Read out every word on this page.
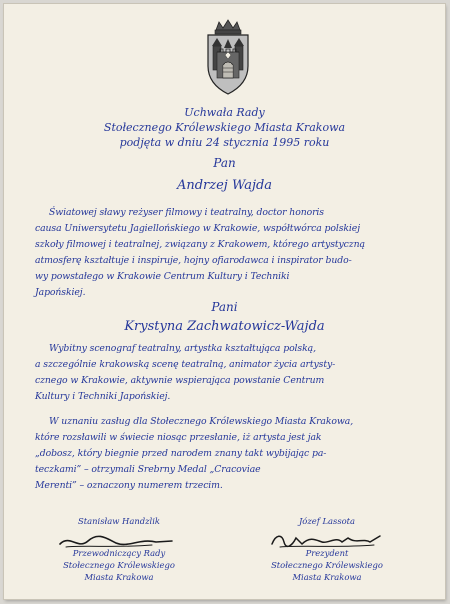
Uchwała Rady
Stołecznego Królewskiego Miasta Krakowa
podjęta w dniu 24 stycznia 1995 roku
Pan
Andrzej Wajda
Światowej sławy reżyser filmowy i teatralny, doctor honoris
causa Uniwersytetu Jagiellońskiego w Krakowie, współtwórca polskiej
szkoły filmowej i teatralnej, związany z Krakowem, którego artystyczną
atmosferę kształtuje i inspiruje, hojny ofiarodawca i inspirator budo-
wy powstałego w Krakowie Centrum Kultury i Techniki
Japońskiej.
Pani
Krystyna Zachwatowicz-Wajda
Wybitny scenograf teatralny, artystka kształtująca polską,
a szczególnie krakowską scenę teatralną, animator życia artysty-
cznego w Krakowie, aktywnie wspierająca powstanie Centrum
Kultury i Techniki Japońskiej.
W uznaniu zasług dla Stołecznego Królewskiego Miasta Krakowa,
które rozsławili w świecie niosąc przesłanie, iż artysta jest jak
„dobosz, który biegnie przed narodem znany takt wybijając pa-
teczkami” – otrzymali Srebrny Medal „Cracoviae
Merenti” – oznaczony numerem trzecim.
Stanisław Handzlik
Przewodniczący Rady
Stołecznego Królewskiego
Miasta Krakowa
Józef Lassota
Prezydent
Stołecznego Królewskiego
Miasta Krakowa
